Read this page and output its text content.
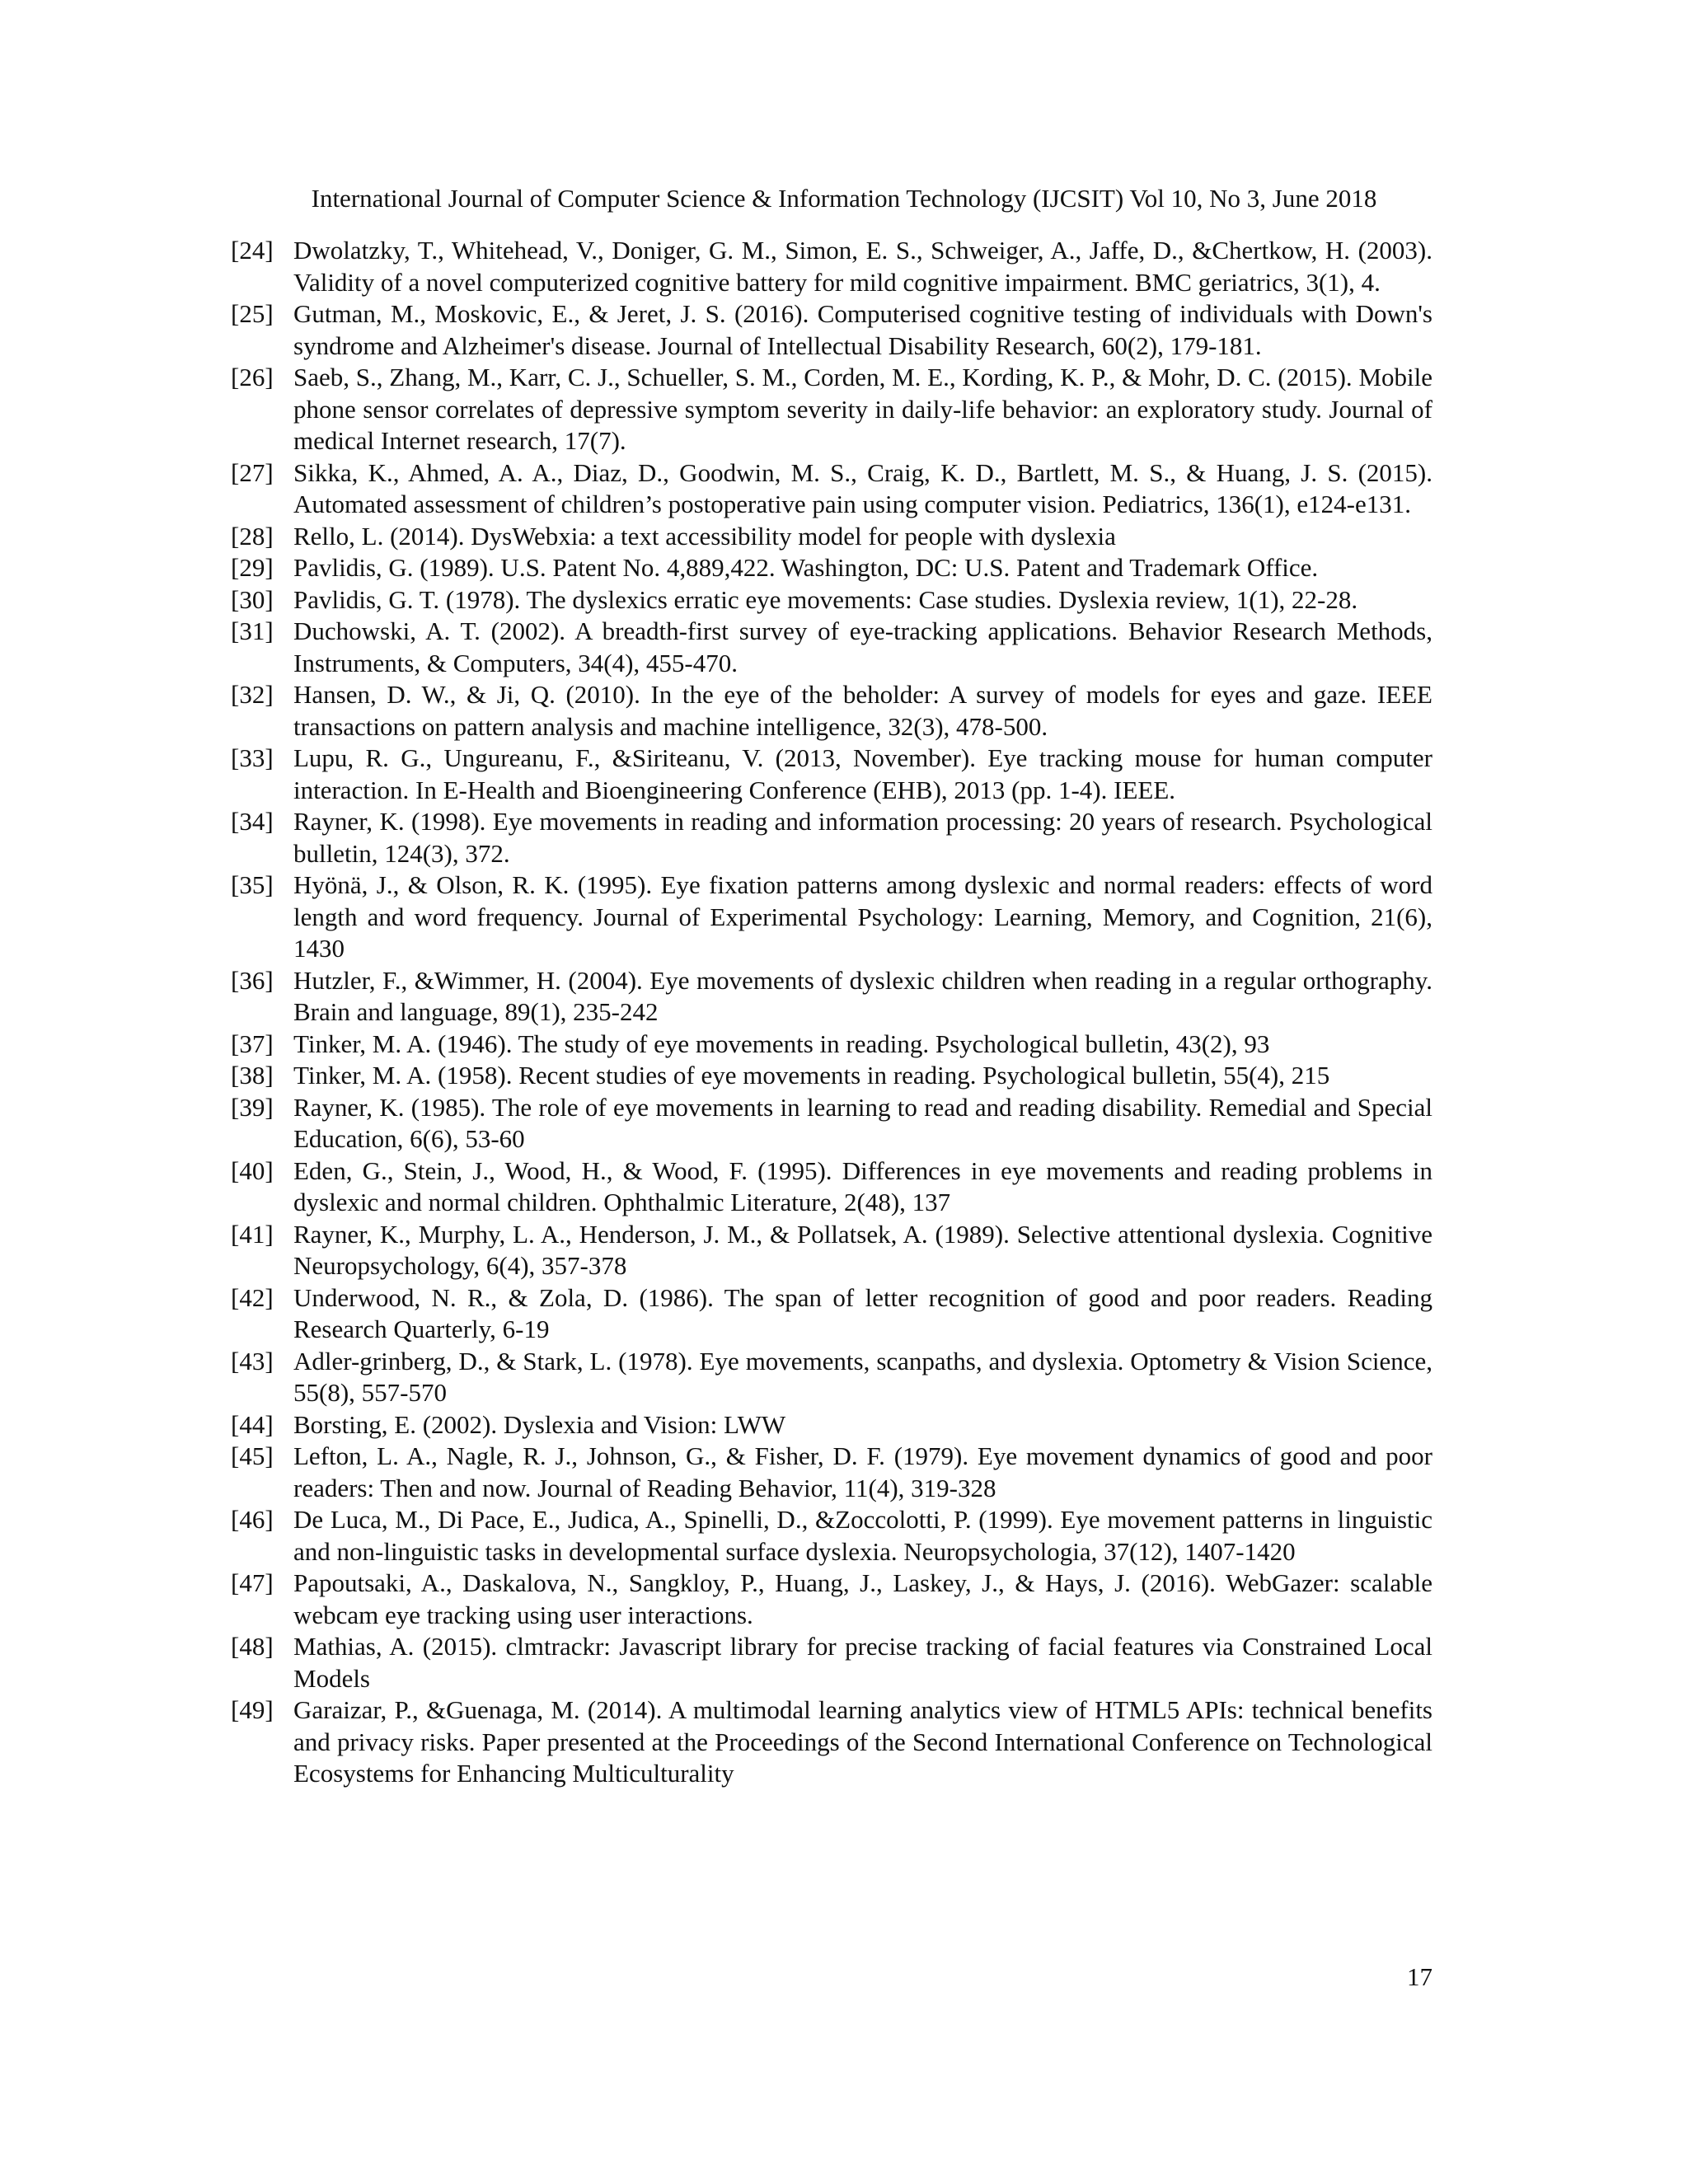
International Journal of Computer Science & Information Technology (IJCSIT) Vol 10, No 3, June 2018
[24] Dwolatzky, T., Whitehead, V., Doniger, G. M., Simon, E. S., Schweiger, A., Jaffe, D., &Chertkow, H. (2003). Validity of a novel computerized cognitive battery for mild cognitive impairment. BMC geriatrics, 3(1), 4.
[25] Gutman, M., Moskovic, E., & Jeret, J. S. (2016). Computerised cognitive testing of individuals with Down's syndrome and Alzheimer's disease. Journal of Intellectual Disability Research, 60(2), 179-181.
[26] Saeb, S., Zhang, M., Karr, C. J., Schueller, S. M., Corden, M. E., Kording, K. P., & Mohr, D. C. (2015). Mobile phone sensor correlates of depressive symptom severity in daily-life behavior: an exploratory study. Journal of medical Internet research, 17(7).
[27] Sikka, K., Ahmed, A. A., Diaz, D., Goodwin, M. S., Craig, K. D., Bartlett, M. S., & Huang, J. S. (2015). Automated assessment of children’s postoperative pain using computer vision. Pediatrics, 136(1), e124-e131.
[28] Rello, L. (2014). DysWebxia: a text accessibility model for people with dyslexia
[29] Pavlidis, G. (1989). U.S. Patent No. 4,889,422. Washington, DC: U.S. Patent and Trademark Office.
[30] Pavlidis, G. T. (1978). The dyslexics erratic eye movements: Case studies. Dyslexia review, 1(1), 22-28.
[31] Duchowski, A. T. (2002). A breadth-first survey of eye-tracking applications. Behavior Research Methods, Instruments, & Computers, 34(4), 455-470.
[32] Hansen, D. W., & Ji, Q. (2010). In the eye of the beholder: A survey of models for eyes and gaze. IEEE transactions on pattern analysis and machine intelligence, 32(3), 478-500.
[33] Lupu, R. G., Ungureanu, F., &Siriteanu, V. (2013, November). Eye tracking mouse for human computer interaction. In E-Health and Bioengineering Conference (EHB), 2013 (pp. 1-4). IEEE.
[34] Rayner, K. (1998). Eye movements in reading and information processing: 20 years of research. Psychological bulletin, 124(3), 372.
[35] Hyönä, J., & Olson, R. K. (1995). Eye fixation patterns among dyslexic and normal readers: effects of word length and word frequency. Journal of Experimental Psychology: Learning, Memory, and Cognition, 21(6), 1430
[36] Hutzler, F., &Wimmer, H. (2004). Eye movements of dyslexic children when reading in a regular orthography. Brain and language, 89(1), 235-242
[37] Tinker, M. A. (1946). The study of eye movements in reading. Psychological bulletin, 43(2), 93
[38] Tinker, M. A. (1958). Recent studies of eye movements in reading. Psychological bulletin, 55(4), 215
[39] Rayner, K. (1985). The role of eye movements in learning to read and reading disability. Remedial and Special Education, 6(6), 53-60
[40] Eden, G., Stein, J., Wood, H., & Wood, F. (1995). Differences in eye movements and reading problems in dyslexic and normal children. Ophthalmic Literature, 2(48), 137
[41] Rayner, K., Murphy, L. A., Henderson, J. M., & Pollatsek, A. (1989). Selective attentional dyslexia. Cognitive Neuropsychology, 6(4), 357-378
[42] Underwood, N. R., & Zola, D. (1986). The span of letter recognition of good and poor readers. Reading Research Quarterly, 6-19
[43] Adler-grinberg, D., & Stark, L. (1978). Eye movements, scanpaths, and dyslexia. Optometry & Vision Science, 55(8), 557-570
[44] Borsting, E. (2002). Dyslexia and Vision: LWW
[45] Lefton, L. A., Nagle, R. J., Johnson, G., & Fisher, D. F. (1979). Eye movement dynamics of good and poor readers: Then and now. Journal of Reading Behavior, 11(4), 319-328
[46] De Luca, M., Di Pace, E., Judica, A., Spinelli, D., &Zoccolotti, P. (1999). Eye movement patterns in linguistic and non-linguistic tasks in developmental surface dyslexia. Neuropsychologia, 37(12), 1407-1420
[47] Papoutsaki, A., Daskalova, N., Sangkloy, P., Huang, J., Laskey, J., & Hays, J. (2016). WebGazer: scalable webcam eye tracking using user interactions.
[48] Mathias, A. (2015). clmtrackr: Javascript library for precise tracking of facial features via Constrained Local Models
[49] Garaizar, P., &Guenaga, M. (2014). A multimodal learning analytics view of HTML5 APIs: technical benefits and privacy risks. Paper presented at the Proceedings of the Second International Conference on Technological Ecosystems for Enhancing Multiculturality
17
